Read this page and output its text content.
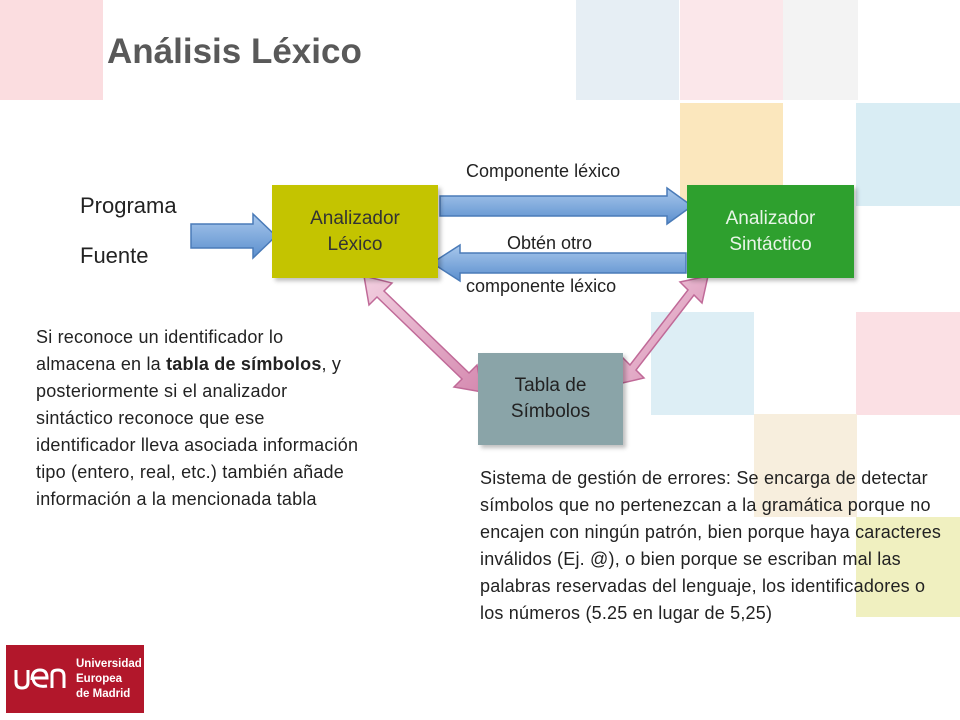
Análisis Léxico
Programa
Fuente
Componente léxico
Obtén otro
componente léxico
Analizador
Léxico
Analizador
Sintáctico
Tabla de
Símbolos

Si reconoce un identificador lo almacena en la tabla de símbolos, y posteriormente si el analizador sintáctico reconoce que ese identificador lleva asociada información tipo (entero, real, etc.) también añade información a la mencionada tabla

Sistema de gestión de errores: Se encarga de detectar símbolos que no pertenezcan a la gramática porque no encajen con ningún patrón, bien porque haya caracteres inválidos (Ej. @), o bien porque se escriban mal las palabras reservadas del lenguaje, los identificadores o los números (5.25 en lugar de 5,25)

Universidad
Europea
de Madrid
